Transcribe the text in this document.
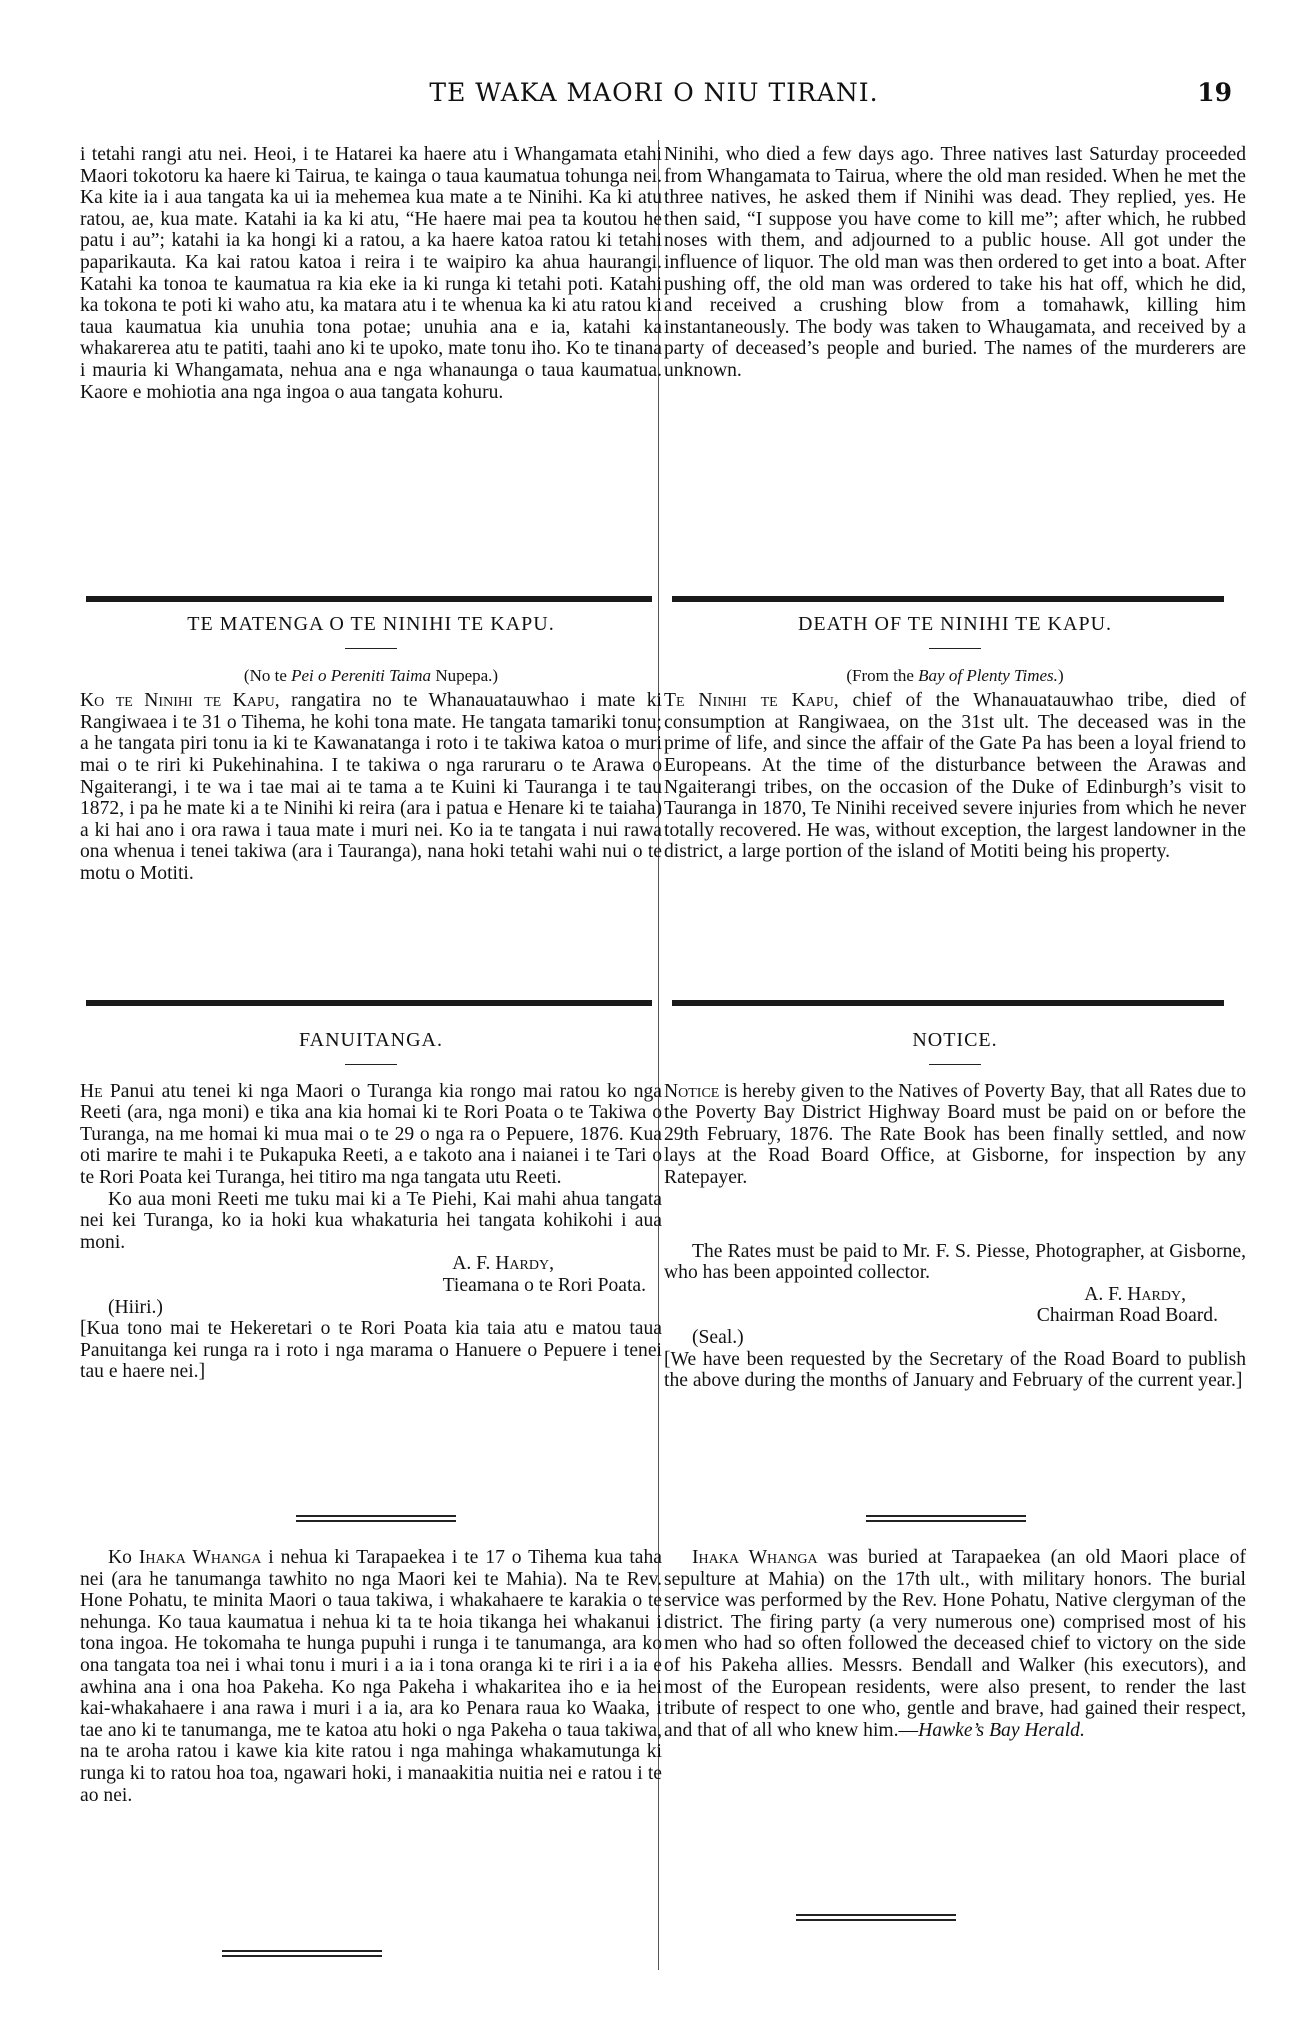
TE WAKA MAORI O NIU TIRANI.	19

i tetahi rangi atu nei. Heoi, i te Hatarei ka haere atu i Whangamata etahi Maori tokotoru ka haere ki Tairua, te kainga o taua kaumatua tohunga nei. Ka kite ia i aua tangata ka ui ia mehemea kua mate a te Ninihi. Ka ki atu ratou, ae, kua mate. Katahi ia ka ki atu, “He haere mai pea ta koutou he patu i au”; katahi ia ka hongi ki a ratou, a ka haere katoa ratou ki tetahi paparikauta. Ka kai ratou katoa i reira i te waipiro ka ahua haurangi. Katahi ka tonoa te kaumatua ra kia eke ia ki runga ki tetahi poti. Katahi ka tokona te poti ki waho atu, ka matara atu i te whenua ka ki atu ratou ki taua kaumatua kia unuhia tona potae; unuhia ana e ia, katahi ka whakarerea atu te patiti, taahi ano ki te upoko, mate tonu iho. Ko te tinana i mauria ki Whangamata, nehua ana e nga whanaunga o taua kaumatua. Kaore e mohiotia ana nga ingoa o aua tangata kohuru.

Ninihi, who died a few days ago. Three natives last Saturday proceeded from Whangamata to Tairua, where the old man resided. When he met the three natives, he asked them if Ninihi was dead. They replied, yes. He then said, “I suppose you have come to kill me”; after which, he rubbed noses with them, and adjourned to a public house. All got under the influence of liquor. The old man was then ordered to get into a boat. After pushing off, the old man was ordered to take his hat off, which he did, and received a crushing blow from a tomahawk, killing him instantaneously. The body was taken to Whaugamata, and received by a party of deceased’s people and buried. The names of the murderers are unknown.

TE MATENGA O TE NINIHI TE KAPU.

(No te Pei o Pereniti Taima Nupepa.)

Ko te Ninihi te Kapu, rangatira no te Whanauatauwhao i mate ki Rangiwaea i te 31 o Tihema, he kohi tona mate. He tangata tamariki tonu; a he tangata piri tonu ia ki te Kawanatanga i roto i te takiwa katoa o muri mai o te riri ki Pukehinahina. I te takiwa o nga raruraru o te Arawa o Ngaiterangi, i te wa i tae mai ai te tama a te Kuini ki Tauranga i te tau 1872, i pa he mate ki a te Ninihi ki reira (ara i patua e Henare ki te taiaha) a ki hai ano i ora rawa i taua mate i muri nei. Ko ia te tangata i nui rawa ona whenua i tenei takiwa (ara i Tauranga), nana hoki tetahi wahi nui o te motu o Motiti.

DEATH OF TE NINIHI TE KAPU.

(From the Bay of Plenty Times.)

Te Ninihi te Kapu, chief of the Whanauatauwhao tribe, died of consumption at Rangiwaea, on the 31st ult. The deceased was in the prime of life, and since the affair of the Gate Pa has been a loyal friend to Europeans. At the time of the disturbance between the Arawas and Ngaiterangi tribes, on the occasion of the Duke of Edinburgh’s visit to Tauranga in 1870, Te Ninihi received severe injuries from which he never totally recovered. He was, without exception, the largest landowner in the district, a large portion of the island of Motiti being his property.

FANUITANGA.

He Panui atu tenei ki nga Maori o Turanga kia rongo mai ratou ko nga Reeti (ara, nga moni) e tika ana kia homai ki te Rori Poata o te Takiwa o Turanga, na me homai ki mua mai o te 29 o nga ra o Pepuere, 1876. Kua oti marire te mahi i te Pukapuka Reeti, a e takoto ana i naianei i te Tari o te Rori Poata kei Turanga, hei titiro ma nga tangata utu Reeti.

Ko aua moni Reeti me tuku mai ki a Te Piehi, Kai mahi ahua tangata nei kei Turanga, ko ia hoki kua whakaturia hei tangata kohikohi i aua moni.

A. F. Hardy,

Tieamana o te Rori Poata.

(Hiiri.)

[Kua tono mai te Hekeretari o te Rori Poata kia taia atu e matou taua Panuitanga kei runga ra i roto i nga marama o Hanuere o Pepuere i tenei tau e haere nei.]

NOTICE.

Notice is hereby given to the Natives of Poverty Bay, that all Rates due to the Poverty Bay District Highway Board must be paid on or before the 29th February, 1876. The Rate Book has been finally settled, and now lays at the Road Board Office, at Gisborne, for inspection by any Ratepayer.

The Rates must be paid to Mr. F. S. Piesse, Photographer, at Gisborne, who has been appointed collector.

A. F. Hardy,

Chairman Road Board.

(Seal.)

[We have been requested by the Secretary of the Road Board to publish the above during the months of January and February of the current year.]

Ko Ihaka Whanga i nehua ki Tarapaekea i te 17 o Tihema kua taha nei (ara he tanumanga tawhito no nga Maori kei te Mahia). Na te Rev. Hone Pohatu, te minita Maori o taua takiwa, i whakahaere te karakia o te nehunga. Ko taua kaumatua i nehua ki ta te hoia tikanga hei whakanui i tona ingoa. He tokomaha te hunga pupuhi i runga i te tanumanga, ara ko ona tangata toa nei i whai tonu i muri i a ia i tona oranga ki te riri i a ia e awhina ana i ona hoa Pakeha. Ko nga Pakeha i whakaritea iho e ia hei kai-whakahaere i ana rawa i muri i a ia, ara ko Penara raua ko Waaka, i tae ano ki te tanumanga, me te katoa atu hoki o nga Pakeha o taua takiwa, na te aroha ratou i kawe kia kite ratou i nga mahinga whakamutunga ki runga ki to ratou hoa toa, ngawari hoki, i manaakitia nuitia nei e ratou i te ao nei.

Ihaka Whanga was buried at Tarapaekea (an old Maori place of sepulture at Mahia) on the 17th ult., with military honors. The burial service was performed by the Rev. Hone Pohatu, Native clergyman of the district. The firing party (a very numerous one) comprised most of his men who had so often followed the deceased chief to victory on the side of his Pakeha allies. Messrs. Bendall and Walker (his executors), and most of the European residents, were also present, to render the last tribute of respect to one who, gentle and brave, had gained their respect, and that of all who knew him.—Hawke’s Bay Herald.
